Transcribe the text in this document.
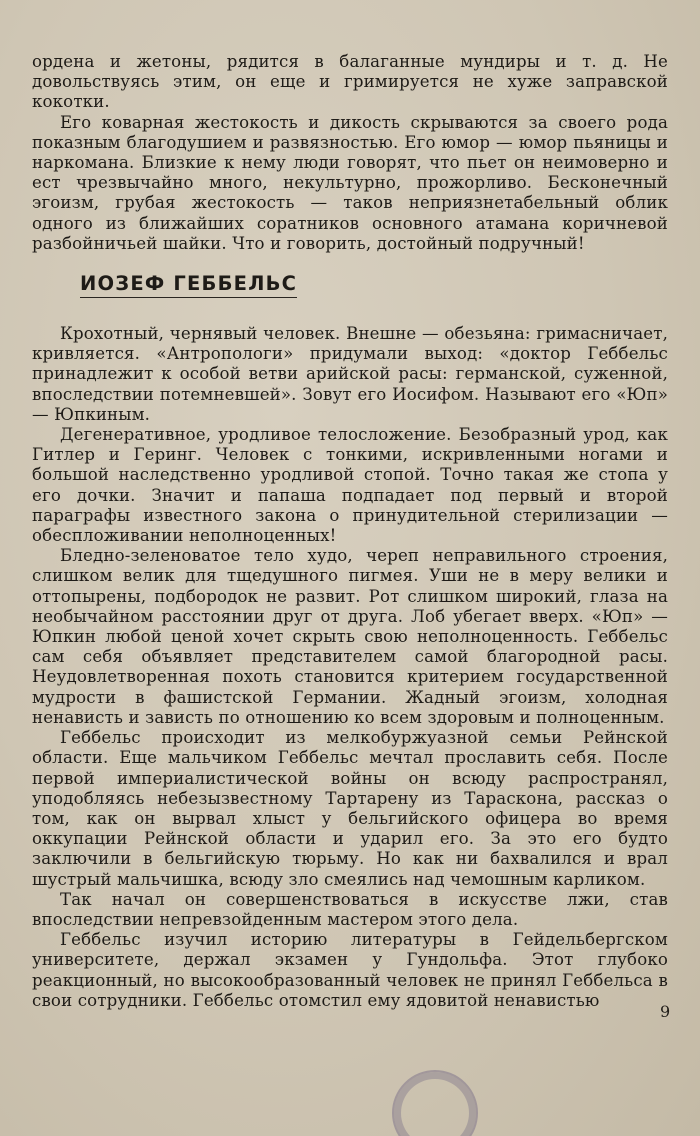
ордена и жетоны, рядится в балаганные мундиры и т. д. Не довольствуясь этим, он еще и гримируется не хуже заправской кокотки.

Его коварная жестокость и дикость скрываются за своего рода показным благодушием и развязностью. Его юмор — юмор пьяницы и наркомана. Близкие к нему люди говорят, что пьет он неимоверно и ест чрезвычайно много, некультурно, прожорливо. Бесконечный эгоизм, грубая жестокость — таков неприязнетабельный облик одного из ближайших соратников основного атамана коричневой разбойничьей шайки. Что и говорить, достойный подручный!

ИОЗЕФ ГЕББЕЛЬС

Крохотный, чернявый человек. Внешне — обезьяна: гримасничает, кривляется. «Антропологи» придумали выход: «доктор Геббельс принадлежит к особой ветви арийской расы: германской, суженной, впоследствии потемневшей». Зовут его Иосифом. Называют его «Юп» — Юпкиным.

Дегенеративное, уродливое телосложение. Безобразный урод, как Гитлер и Геринг. Человек с тонкими, искривленными ногами и большой наследственно уродливой стопой. Точно такая же стопа у его дочки. Значит и папаша подпадает под первый и второй параграфы известного закона о принудительной стерилизации — обеспложивании неполноценных!

Бледно-зеленоватое тело худо, череп неправильного строения, слишком велик для тщедушного пигмея. Уши не в меру велики и оттопырены, подбородок не развит. Рот слишком широкий, глаза на необычайном расстоянии друг от друга. Лоб убегает вверх. «Юп» — Юпкин любой ценой хочет скрыть свою неполноценность. Геббельс сам себя объявляет представителем самой благородной расы. Неудовлетворенная похоть становится критерием государственной мудрости в фашистской Германии. Жадный эгоизм, холодная ненависть и зависть по отношению ко всем здоровым и полноценным.

Геббельс происходит из мелкобуржуазной семьи Рейнской области. Еще мальчиком Геббельс мечтал прославить себя. После первой империалистической войны он всюду распространял, уподобляясь небезызвестному Тартарену из Тараскона, рассказ о том, как он вырвал хлыст у бельгийского офицера во время оккупации Рейнской области и ударил его. За это его будто заключили в бельгийскую тюрьму. Но как ни бахвалился и врал шустрый мальчишка, всюду зло смеялись над чемошным карликом.

Так начал он совершенствоваться в искусстве лжи, став впоследствии непревзойденным мастером этого дела.

Геббельс изучил историю литературы в Гейдельбергском университете, держал экзамен у Гундольфа. Этот глубоко реакционный, но высокообразованный человек не принял Геббельса в свои сотрудники. Геббельс отомстил ему ядовитой ненавистью

9
